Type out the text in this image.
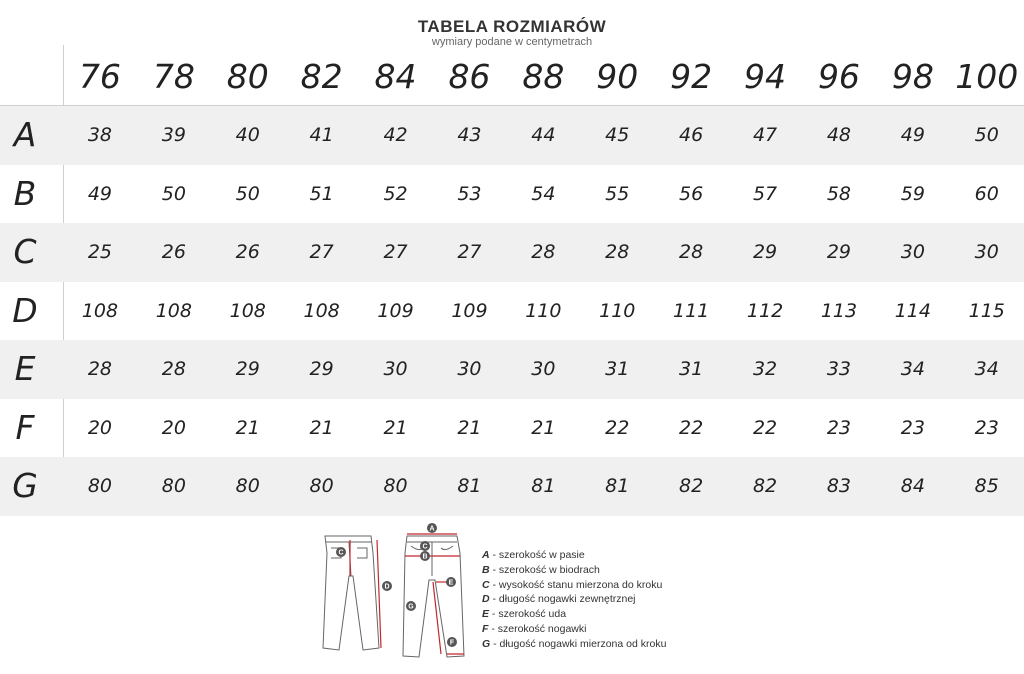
TABELA ROZMIARÓW
wymiary podane w centymetrach
76 78 80 82 84 86 88 90 92 94 96 98 100
A	38	39	40	41	42	43	44	45	46	47	48	49	50
B	49	50	50	51	52	53	54	55	56	57	58	59	60
C	25	26	26	27	27	27	28	28	28	29	29	30	30
D	108	108	108	108	109	109	110	110	111	112	113	114	115
E	28	28	29	29	30	30	30	31	31	32	33	34	34
F	20	20	21	21	21	21	21	22	22	22	23	23	23
G	80	80	80	80	80	81	81	81	82	82	83	84	85
A
B
C
C
D
E
F
G
A - szerokość w pasie
B - szerokość w biodrach
C - wysokość stanu mierzona do kroku
D - długość nogawki zewnętrznej
E - szerokość uda
F - szerokość nogawki
G - długość nogawki mierzona od kroku
